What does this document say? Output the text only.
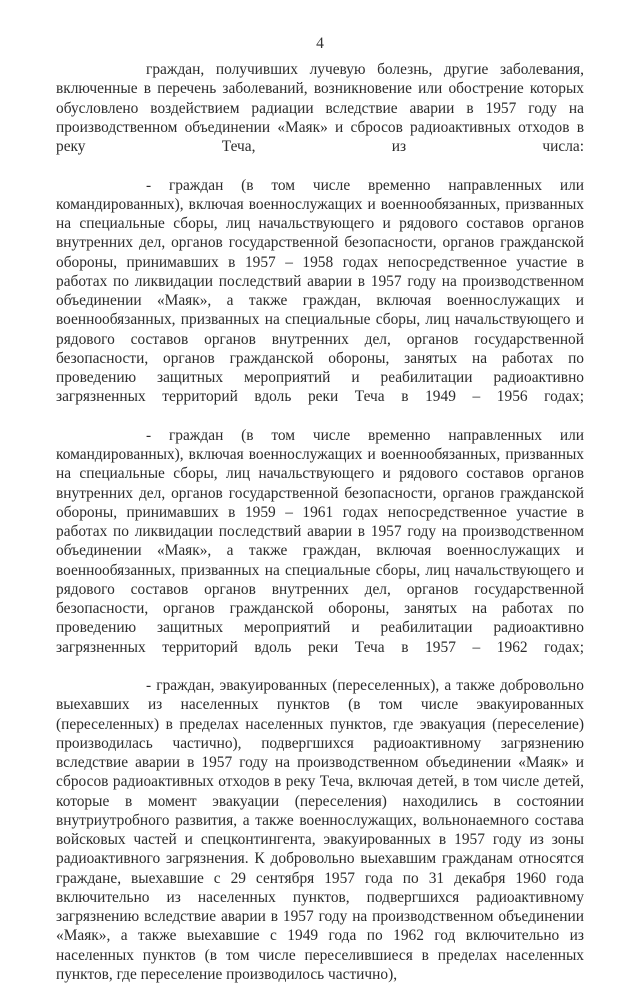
4

граждан, получивших лучевую болезнь, другие заболевания, включенные в перечень заболеваний, возникновение или обострение которых обусловлено воздействием радиации вследствие аварии в 1957 году на производственном объединении «Маяк» и сбросов радиоактивных отходов в реку Теча, из числа:

- граждан (в том числе временно направленных или командированных), включая военнослужащих и военнообязанных, призванных на специальные сборы, лиц начальствующего и рядового составов органов внутренних дел, органов государственной безопасности, органов гражданской обороны, принимавших в 1957 – 1958 годах непосредственное участие в работах по ликвидации последствий аварии в 1957 году на производственном объединении «Маяк», а также граждан, включая военнослужащих и военнообязанных, призванных на специальные сборы, лиц начальствующего и рядового составов органов внутренних дел, органов государственной безопасности, органов гражданской обороны, занятых на работах по проведению защитных мероприятий и реабилитации радиоактивно загрязненных территорий вдоль реки Теча в 1949 – 1956 годах;

- граждан (в том числе временно направленных или командированных), включая военнослужащих и военнообязанных, призванных на специальные сборы, лиц начальствующего и рядового составов органов внутренних дел, органов государственной безопасности, органов гражданской обороны, принимавших в 1959 – 1961 годах непосредственное участие в работах по ликвидации последствий аварии в 1957 году на производственном объединении «Маяк», а также граждан, включая военнослужащих и военнообязанных, призванных на специальные сборы, лиц начальствующего и рядового составов органов внутренних дел, органов государственной безопасности, органов гражданской обороны, занятых на работах по проведению защитных мероприятий и реабилитации радиоактивно загрязненных территорий вдоль реки Теча в 1957 – 1962 годах;

- граждан, эвакуированных (переселенных), а также добровольно выехавших из населенных пунктов (в том числе эвакуированных (переселенных) в пределах населенных пунктов, где эвакуация (переселение) производилась частично), подвергшихся радиоактивному загрязнению вследствие аварии в 1957 году на производственном объединении «Маяк» и сбросов радиоактивных отходов в реку Теча, включая детей, в том числе детей, которые в момент эвакуации (переселения) находились в состоянии внутриутробного развития, а также военнослужащих, вольнонаемного состава войсковых частей и спецконтингента, эвакуированных в 1957 году из зоны радиоактивного загрязнения. К добровольно выехавшим гражданам относятся граждане, выехавшие с 29 сентября 1957 года по 31 декабря 1960 года включительно из населенных пунктов, подвергшихся радиоактивному загрязнению вследствие аварии в 1957 году на производственном объединении «Маяк», а также выехавшие с 1949 года по 1962 год включительно из населенных пунктов (в том числе переселившиеся в пределах населенных пунктов, где переселение производилось частично),
